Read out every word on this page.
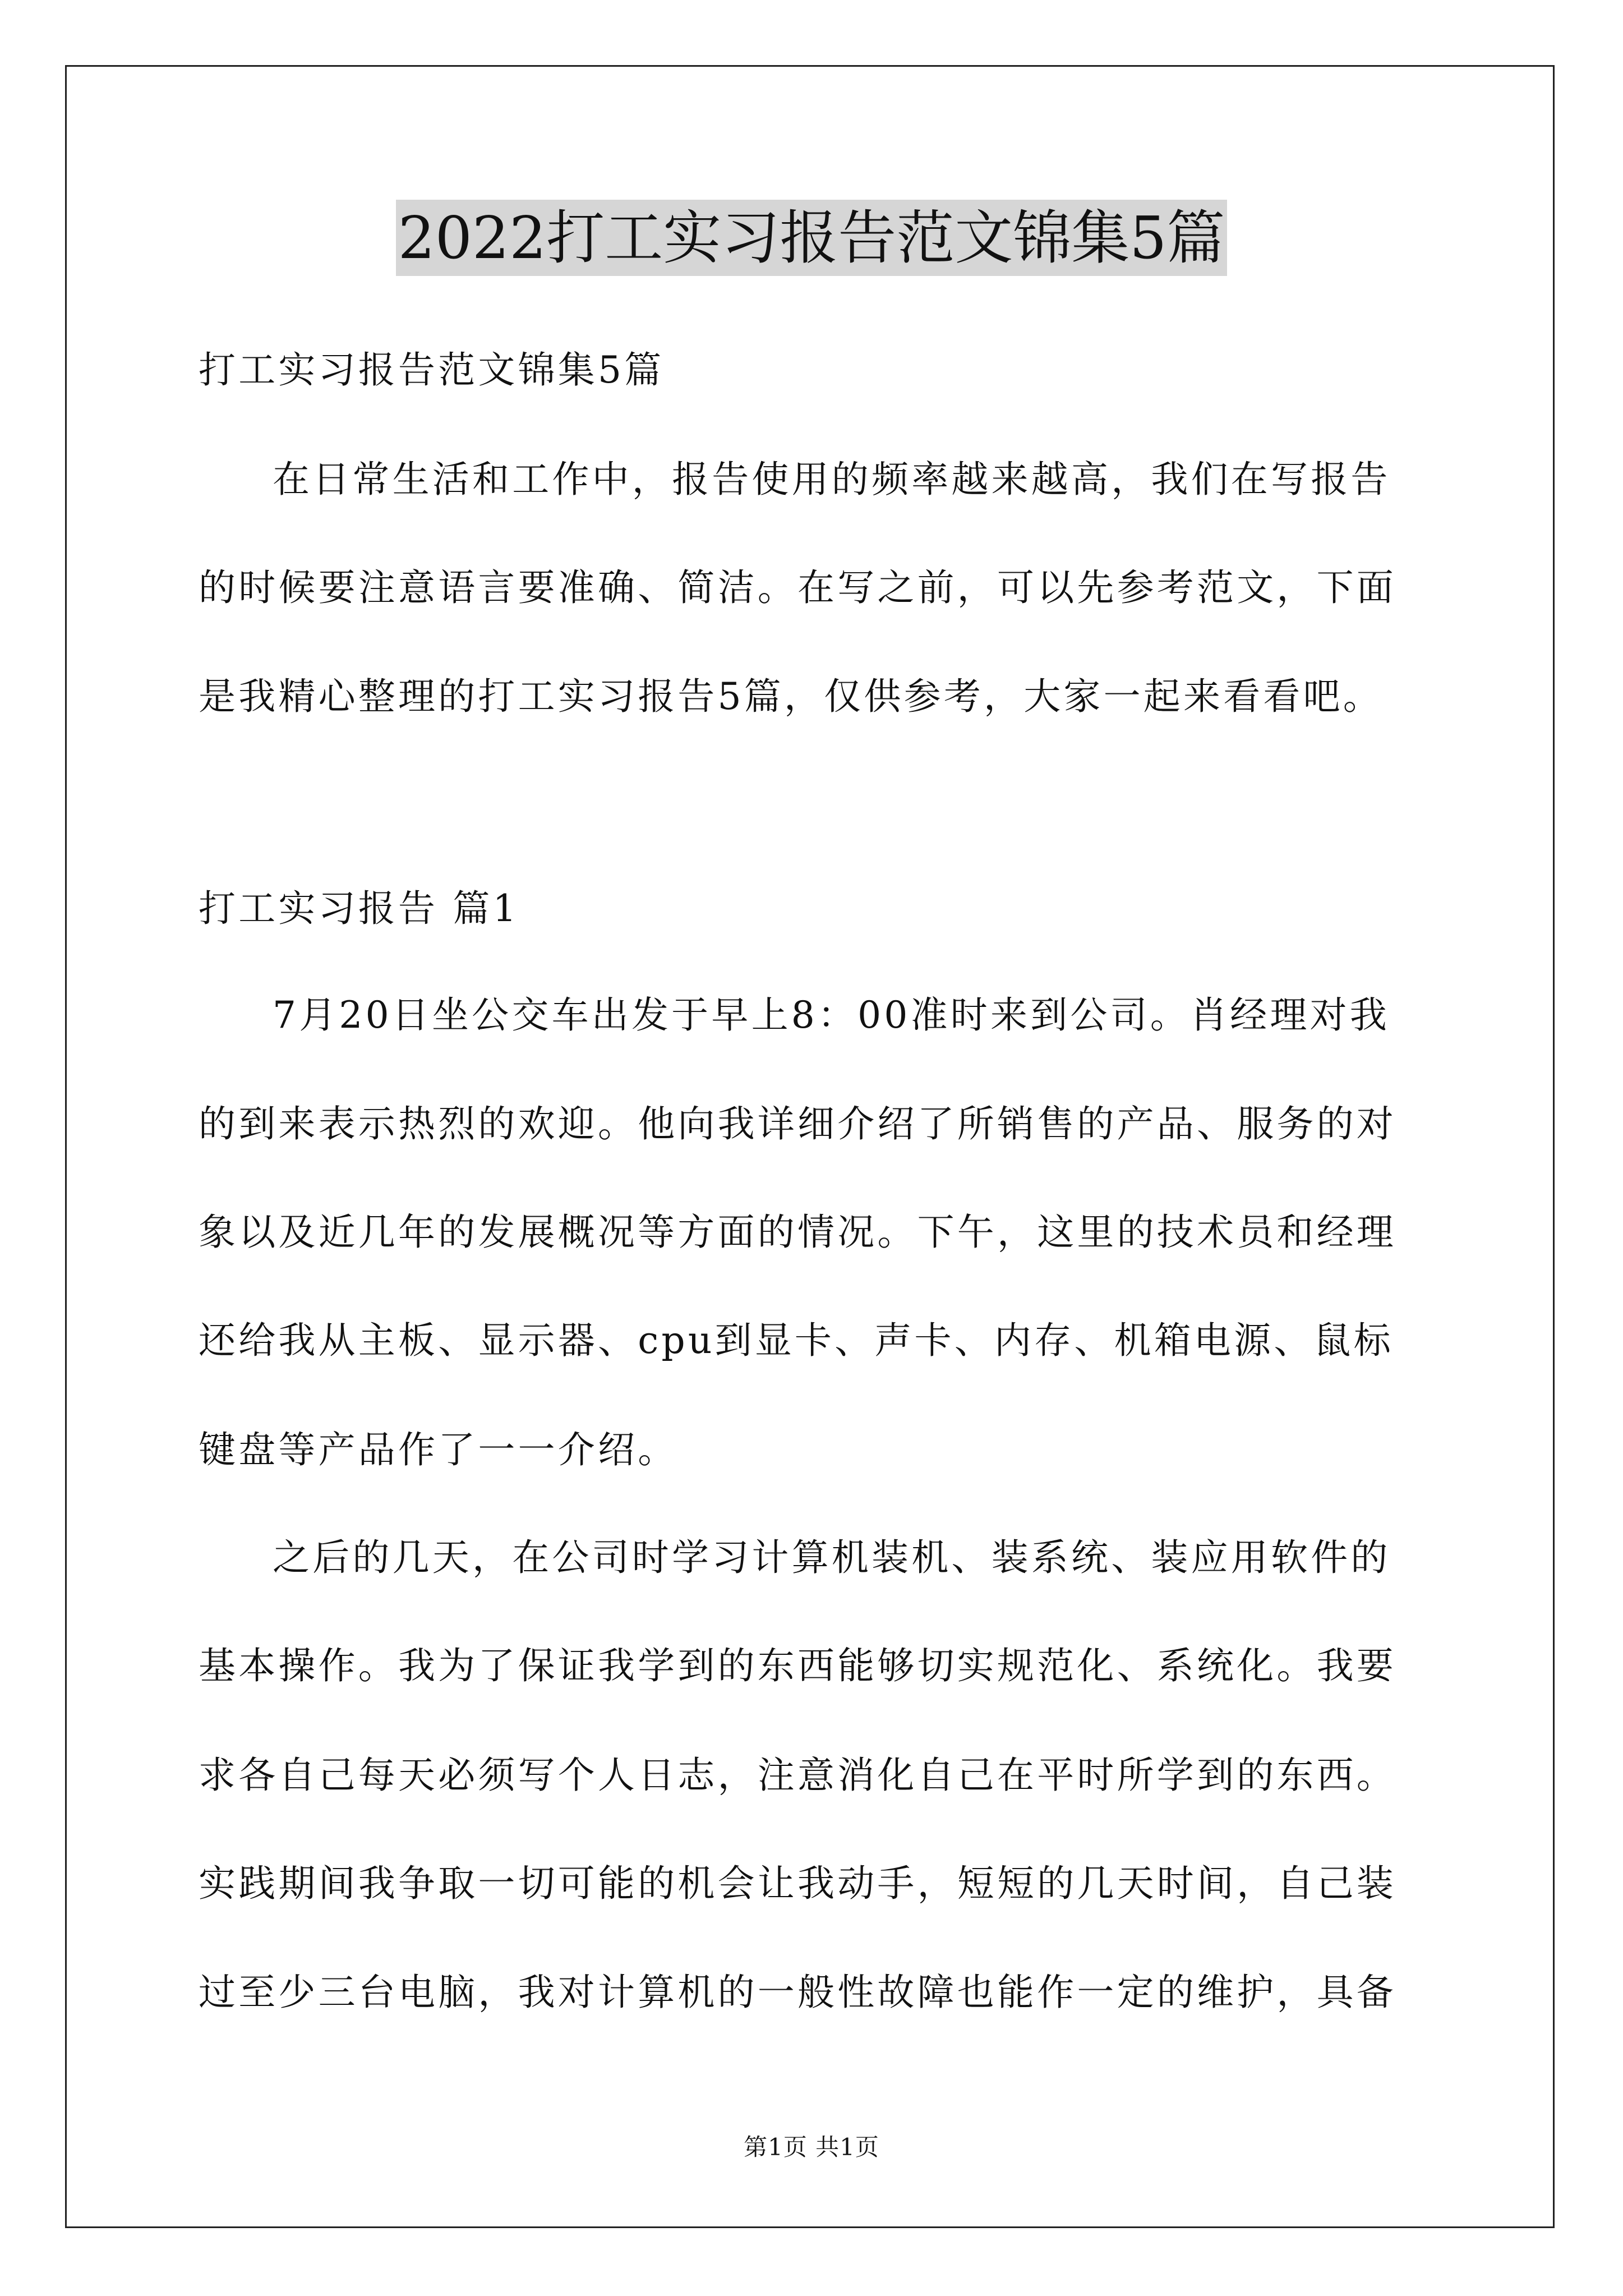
2022打工实习报告范文锦集5篇
打工实习报告范文锦集5篇
在日常生活和工作中，报告使用的频率越来越高，我们在写报告
的时候要注意语言要准确、简洁。在写之前，可以先参考范文，下面
是我精心整理的打工实习报告5篇，仅供参考，大家一起来看看吧。
打工实习报告 篇1
7月20日坐公交车出发于早上8：00准时来到公司。肖经理对我
的到来表示热烈的欢迎。他向我详细介绍了所销售的产品、服务的对
象以及近几年的发展概况等方面的情况。下午，这里的技术员和经理
还给我从主板、显示器、cpu到显卡、声卡、内存、机箱电源、鼠标
键盘等产品作了一一介绍。
之后的几天，在公司时学习计算机装机、装系统、装应用软件的
基本操作。我为了保证我学到的东西能够切实规范化、系统化。我要
求各自己每天必须写个人日志，注意消化自己在平时所学到的东西。
实践期间我争取一切可能的机会让我动手，短短的几天时间，自己装
过至少三台电脑，我对计算机的一般性故障也能作一定的维护，具备
第1页 共1页
